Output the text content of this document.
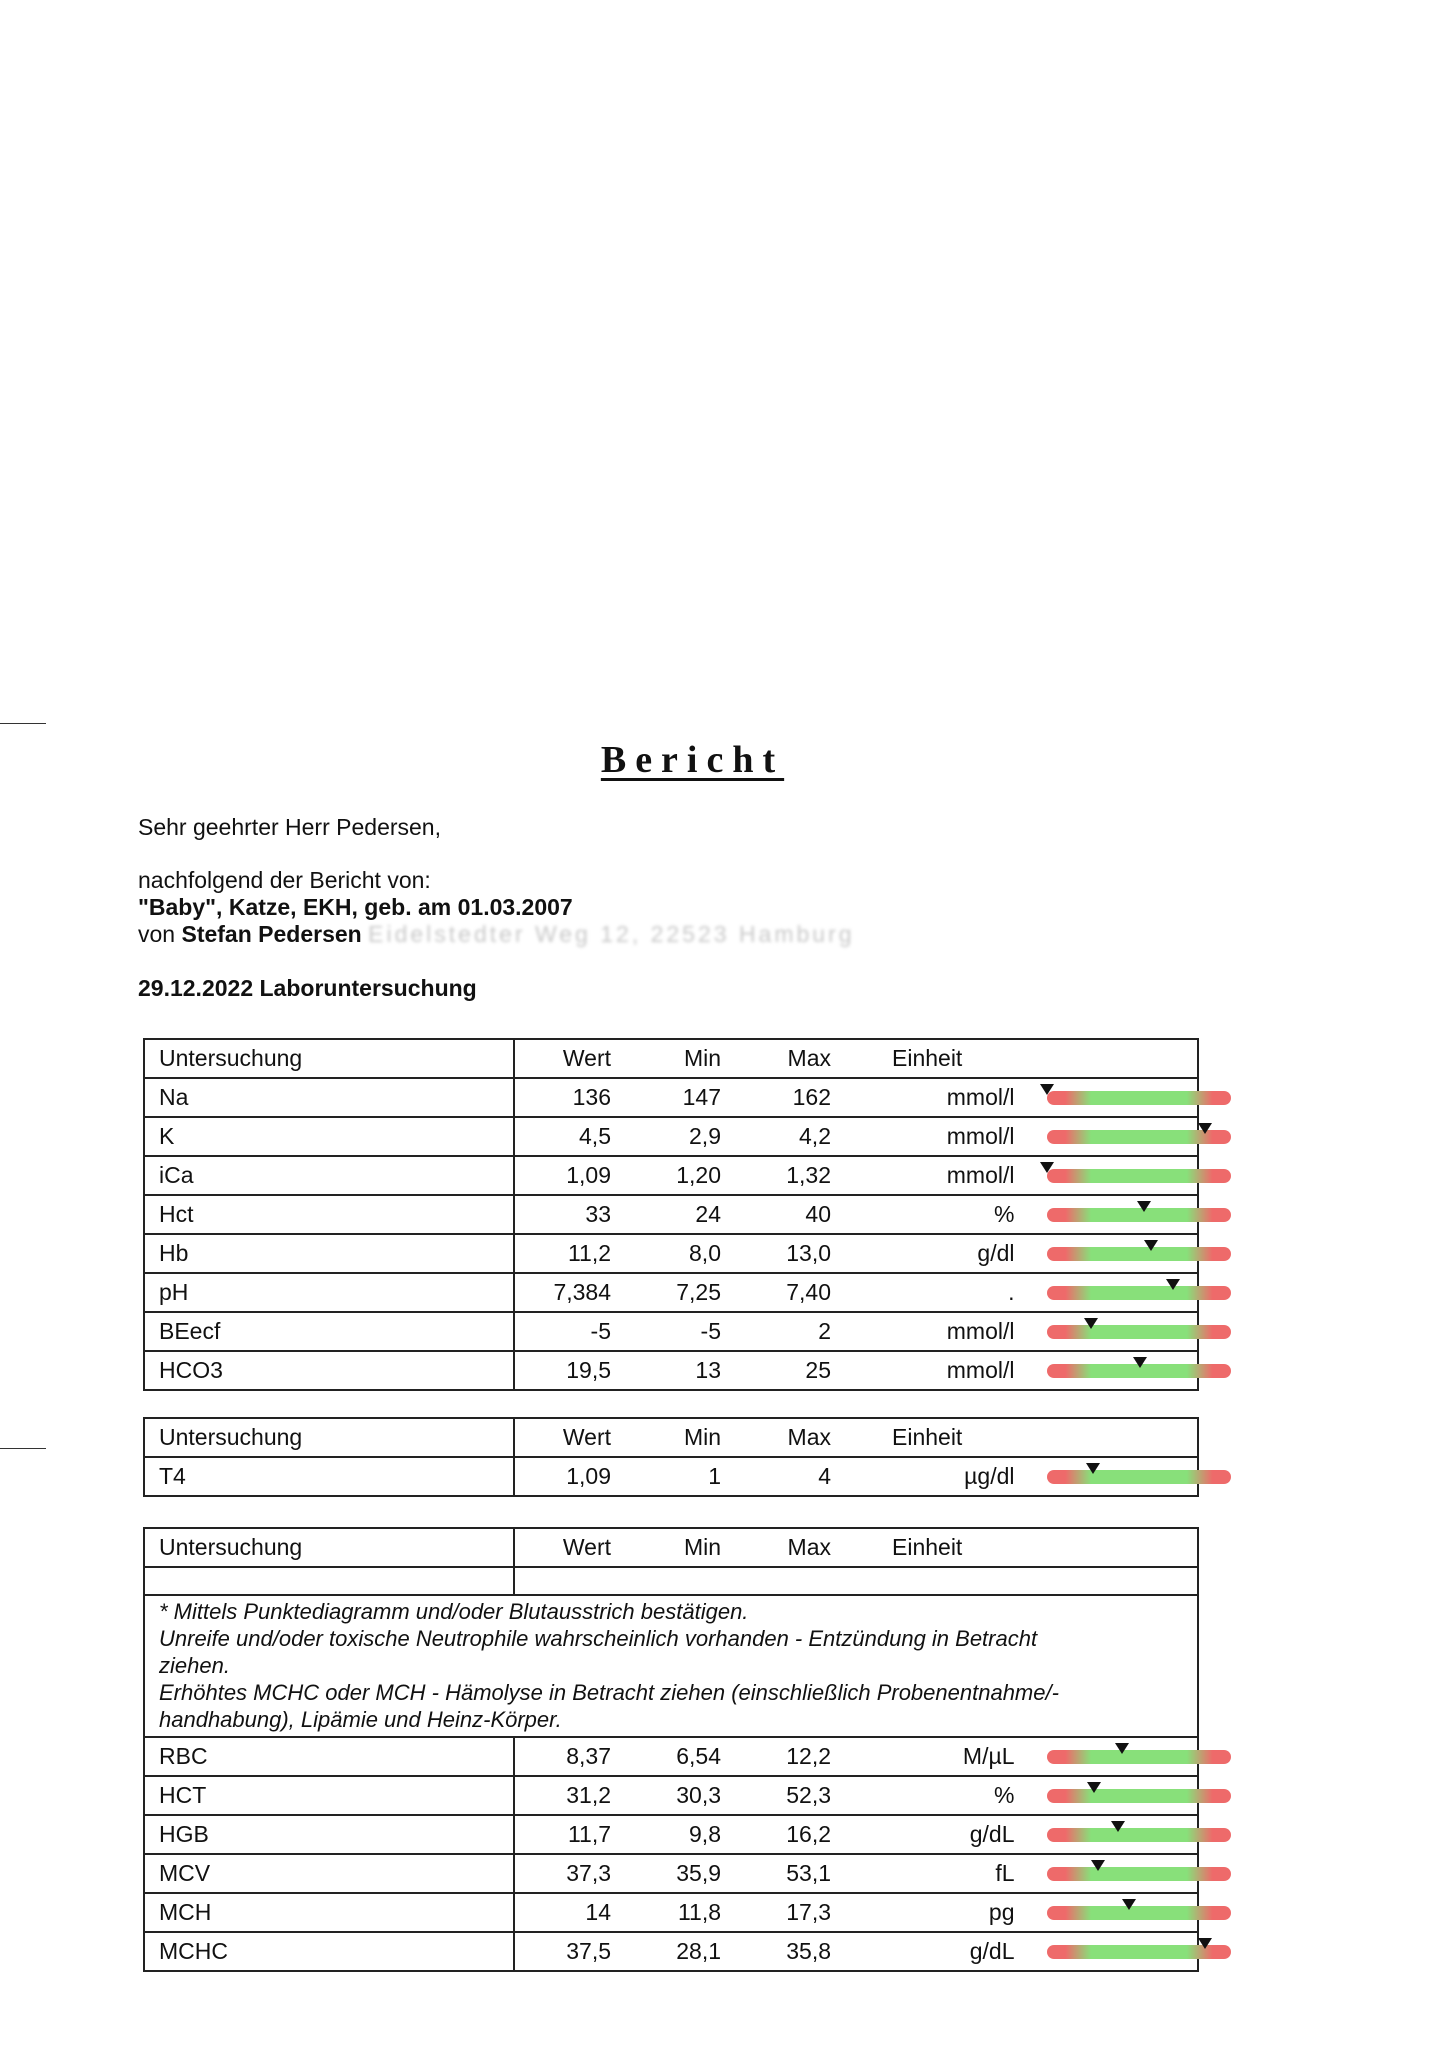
Bericht
Sehr geehrter Herr Pedersen,
nachfolgend der Bericht von:
"Baby", Katze, EKH, geb. am 01.03.2007
von Stefan Pedersen Eidelstedter Weg 12, 22523 Hamburg
29.12.2022 Laboruntersuchung
Untersuchung	Wert	Min	Max	Einheit	
Na	136	147	162	mmol/l	

K	4,5	2,9	4,2	mmol/l	

iCa	1,09	1,20	1,32	mmol/l	

Hct	33	24	40	%	

Hb	11,2	8,0	13,0	g/dl	

pH	7,384	7,25	7,40	.	

BEecf	-5	-5	2	mmol/l	

HCO3	19,5	13	25	mmol/l	
Untersuchung	Wert	Min	Max	Einheit	
T4	1,09	1	4	µg/dl	
Untersuchung	Wert	Min	Max	Einheit	

* Mittels Punktediagramm und/oder Blutausstrich bestätigen.
Unreife und/oder toxische Neutrophile wahrscheinlich vorhanden - Entzündung in Betracht
ziehen.
Erhöhtes MCHC oder MCH - Hämolyse in Betracht ziehen (einschließlich Probenentnahme/-
handhabung), Lipämie und Heinz-Körper.					

RBC	8,37	6,54	12,2	M/µL	

HCT	31,2	30,3	52,3	%	

HGB	11,7	9,8	16,2	g/dL	

MCV	37,3	35,9	53,1	fL	

MCH	14	11,8	17,3	pg	

MCHC	37,5	28,1	35,8	g/dL	
